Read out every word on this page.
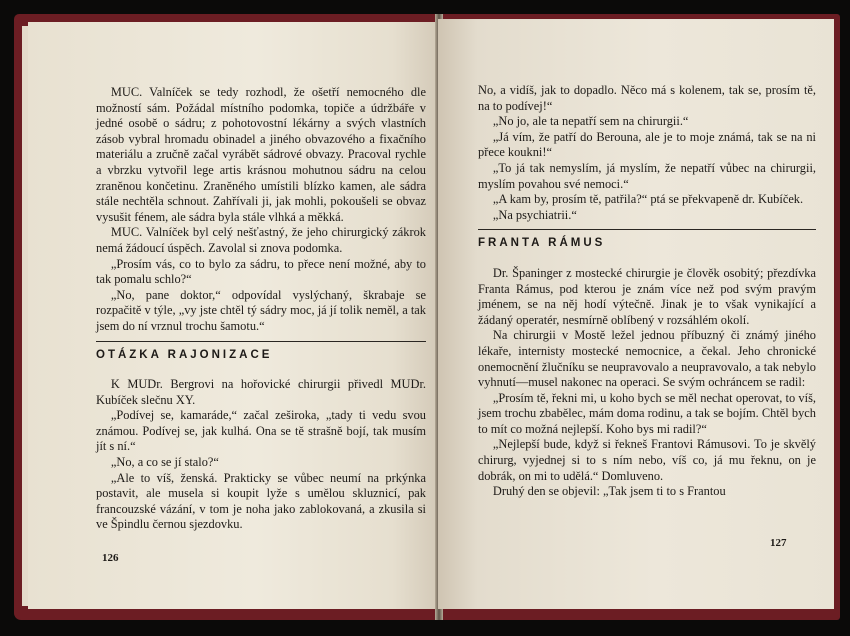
MUC. Valníček se tedy rozhodl, že ošetří nemocného dle možností sám. Požádal místního podomka, topiče a údržbáře v jedné osobě o sádru; z pohotovostní lékárny a svých vlastních zásob vybral hromadu obinadel a jiného obvazového a fixačního materiálu a zručně začal vyrábět sádrové obvazy. Pracoval rychle a vbrzku vytvořil lege artis krásnou mohutnou sádru na celou zraněnou končetinu. Zraněného umístili blízko kamen, ale sádra stále nechtěla schnout. Zahřívali ji, jak mohli, pokoušeli se obvaz vysušit fénem, ale sádra byla stále vlhká a měkká.

MUC. Valníček byl celý nešťastný, že jeho chirurgický zákrok nemá žádoucí úspěch. Zavolal si znova podomka.

„Prosím vás, co to bylo za sádru, to přece není možné, aby to tak pomalu schlo?“

„No, pane doktor,“ odpovídal vyslýchaný, škrabaje se rozpačitě v týle, „vy jste chtěl tý sádry moc, já jí tolik neměl, a tak jsem do ní vrznul trochu šamotu.“

OTÁZKA RAJONIZACE

K MUDr. Bergrovi na hořovické chirurgii přivedl MUDr. Kubíček slečnu XY.

„Podívej se, kamaráde,“ začal zeširoka, „tady ti vedu svou známou. Podívej se, jak kulhá. Ona se tě strašně bojí, tak musím jít s ní.“

„No, a co se jí stalo?“

„Ale to víš, ženská. Prakticky se vůbec neumí na prkýnka postavit, ale musela si koupit lyže s umělou skluznicí, pak francouzské vázání, v tom je noha jako zablokovaná, a zkusila si ve Špindlu černou sjezdovku.

126

No, a vidíš, jak to dopadlo. Něco má s kolenem, tak se, prosím tě, na to podívej!“

„No jo, ale ta nepatří sem na chirurgii.“

„Já vím, že patří do Berouna, ale je to moje známá, tak se na ni přece koukni!“

„To já tak nemyslím, já myslím, že nepatří vůbec na chirurgii, myslím povahou své nemoci.“

„A kam by, prosím tě, patřila?“ ptá se překvapeně dr. Kubíček.

„Na psychiatrii.“

FRANTA RÁMUS

Dr. Španinger z mostecké chirurgie je člověk osobitý; přezdívka Franta Rámus, pod kterou je znám více než pod svým pravým jménem, se na něj hodí výtečně. Jinak je to však vynikající a žádaný operatér, nesmírně oblíbený v rozsáhlém okolí.

Na chirurgii v Mostě ležel jednou příbuzný či známý jiného lékaře, internisty mostecké nemocnice, a čekal. Jeho chronické onemocnění žlučníku se neupravovalo a neupravovalo, a tak nebylo vyhnutí—musel nakonec na operaci. Se svým ochráncem se radil:

„Prosím tě, řekni mi, u koho bych se měl nechat operovat, to víš, jsem trochu zbabělec, mám doma rodinu, a tak se bojím. Chtěl bych to mít co možná nejlepší. Koho bys mi radil?“

„Nejlepší bude, když si řekneš Frantovi Rámusovi. To je skvělý chirurg, vyjednej si to s ním nebo, víš co, já mu řeknu, on je dobrák, on mi to udělá.“ Domluveno.

Druhý den se objevil: „Tak jsem ti to s Frantou

127
